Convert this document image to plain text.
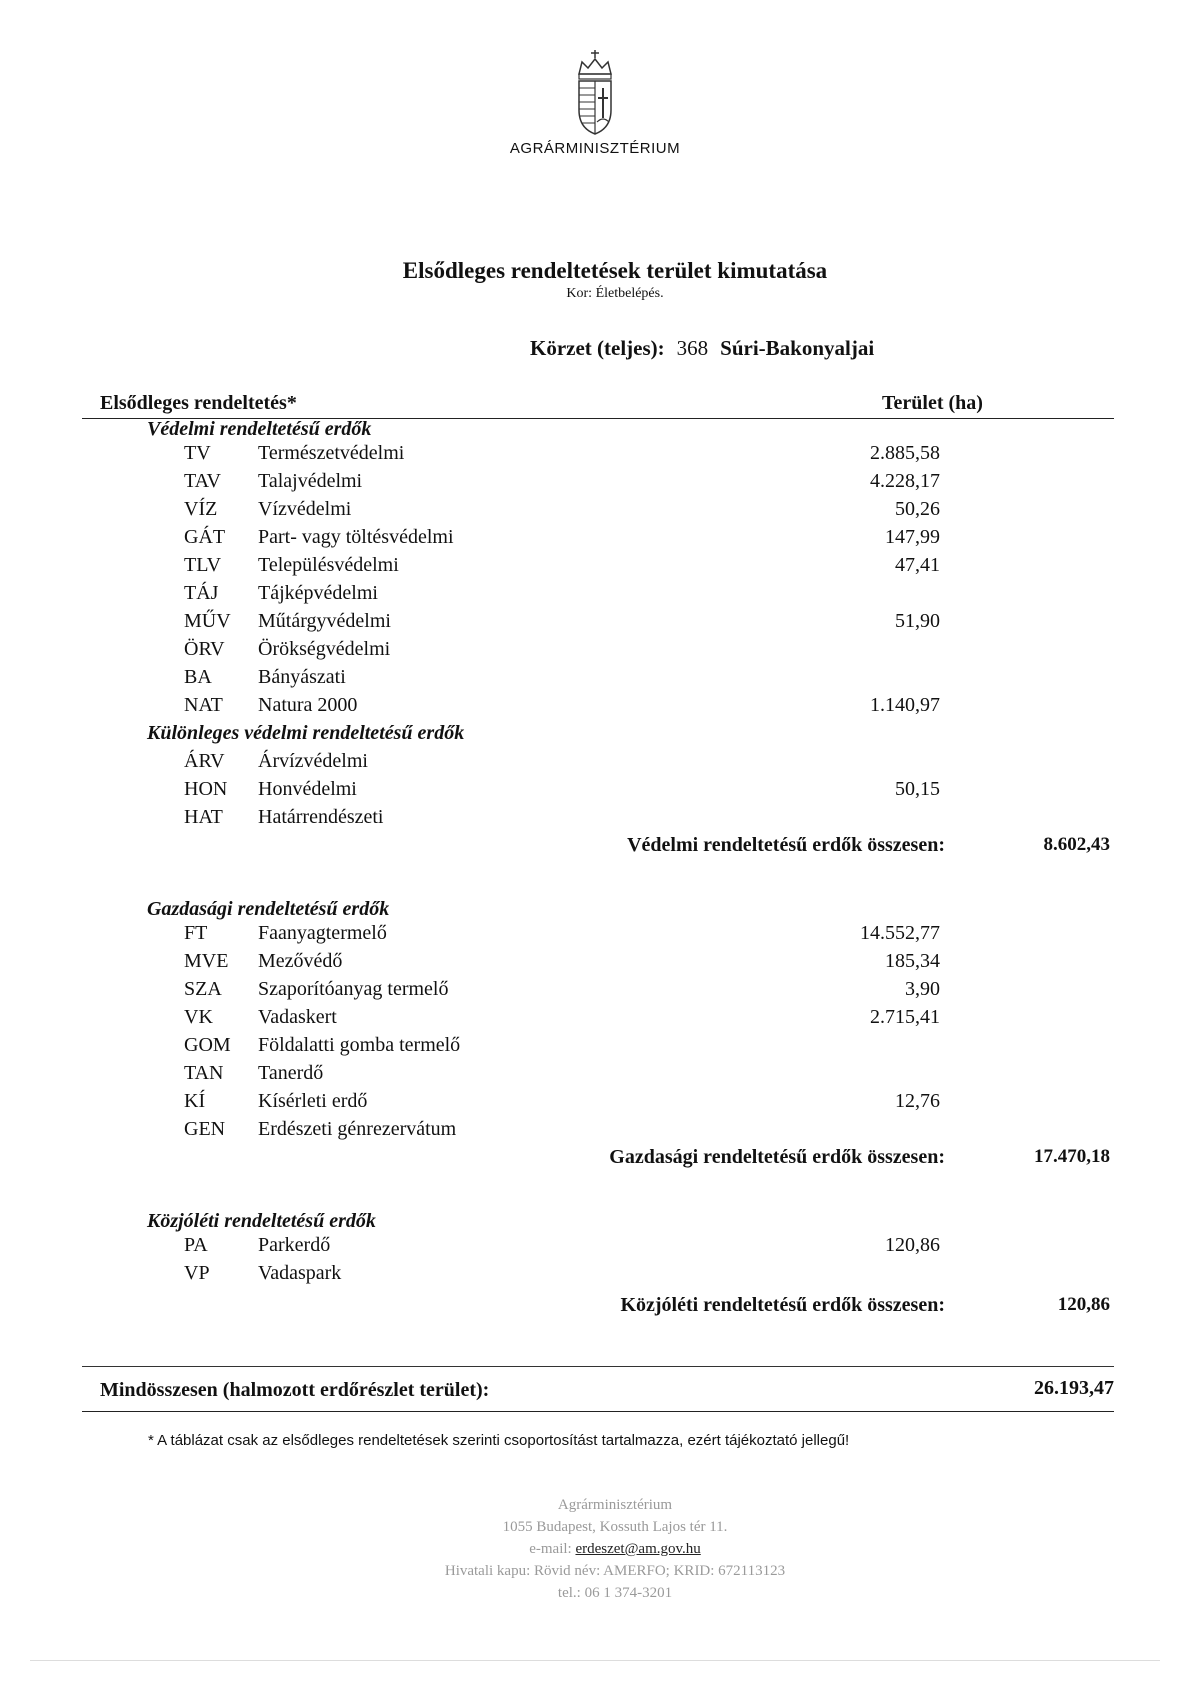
AGRÁRMINISZTÉRIUM
Elsődleges rendeltetések terület kimutatása
Kor: Életbelépés.
Körzet (teljes): 368 Súri-Bakonyaljai
Elsődleges rendeltetés*	Terület (ha)
Védelmi rendeltetésű erdők
TV Természetvédelmi	2.885,58
TAV Talajvédelmi	4.228,17
VÍZ Vízvédelmi	50,26
GÁT Part- vagy töltésvédelmi	147,99
TLV Településvédelmi	47,41
TÁJ Tájképvédelmi
MŰV Műtárgyvédelmi	51,90
ÖRV Örökségvédelmi
BA Bányászati
NAT Natura 2000	1.140,97
Különleges védelmi rendeltetésű erdők
ÁRV Árvízvédelmi
HON Honvédelmi	50,15
HAT Határrendészeti
Védelmi rendeltetésű erdők összesen:	8.602,43
Gazdasági rendeltetésű erdők
FT	Faanyagtermelő	14.552,77
MVE Mezővédő	185,34
SZA Szaporítóanyag termelő	3,90
VK Vadaskert	2.715,41
GOM Földalatti gomba termelő
TAN Tanerdő
KÍ	Kísérleti erdő	12,76
GEN Erdészeti génrezervátum
Gazdasági rendeltetésű erdők összesen:	17.470,18
Közjóléti rendeltetésű erdők
PA	Parkerdő	120,86
VP Vadaspark
Közjóléti rendeltetésű erdők összesen:	120,86
Mindösszesen (halmozott erdőrészlet terület):	26.193,47
* A táblázat csak az elsődleges rendeltetések szerinti csoportosítást tartalmazza, ezért tájékoztató jellegű!
Agrárminisztérium
1055 Budapest, Kossuth Lajos tér 11.
e-mail: erdeszet@am.gov.hu
Hivatali kapu: Rövid név: AMERFO; KRID: 672113123
tel.: 06 1 374-3201
